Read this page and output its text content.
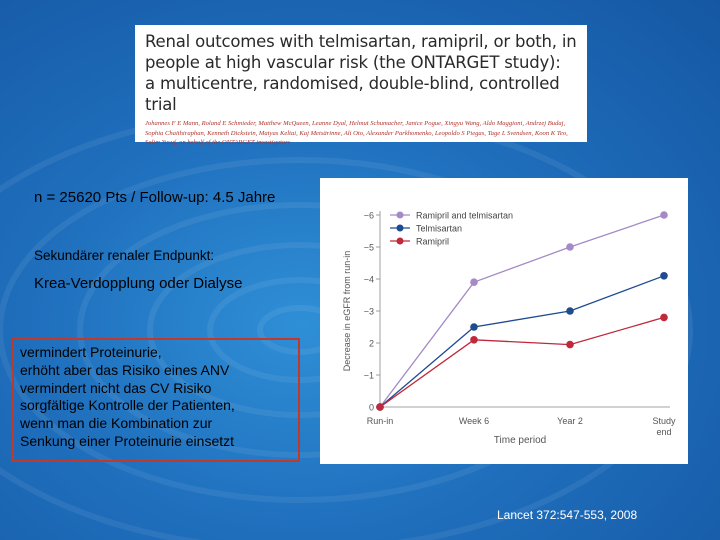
Renal outcomes with telmisartan, ramipril, or both, in
people at high vascular risk (the ONTARGET study):
a multicentre, randomised, double-blind, controlled trial
Johannes F E Mann, Roland E Schmieder, Matthew McQueen, Leanne Dyal, Helmut Schumacher, Janice Pogue, Xingyu Wang, Aldo Maggioni, Andrzej Budaj, Sophia Chaithiraphan, Kenneth Dickstein, Matyas Keltai, Kaj Metsärinne, Ali Oto, Alexander Parkhomenko, Leopoldo S Piegas, Tage L Svendsen, Koon K Teo, Salim Yusuf, on behalf of the ONTARGET investigators
n = 25620 Pts / Follow-up: 4.5 Jahre
Sekundärer renaler Endpunkt:
Krea-Verdopplung oder Dialyse
vermindert Proteinurie,
erhöht aber das Risiko eines ANV
vermindert nicht das CV Risiko
sorgfältige Kontrolle der Patienten,
wenn man die Kombination zur
Senkung einer Proteinurie einsetzt
0
−1
2
−3
−4
−5
−6
Run-in	Week 6	Year 2	Study
end
Time period
Decrease in eGFR from run-in
Ramipril and telmisartan
Telmisartan
Ramipril
Lancet 372:547-553, 2008
